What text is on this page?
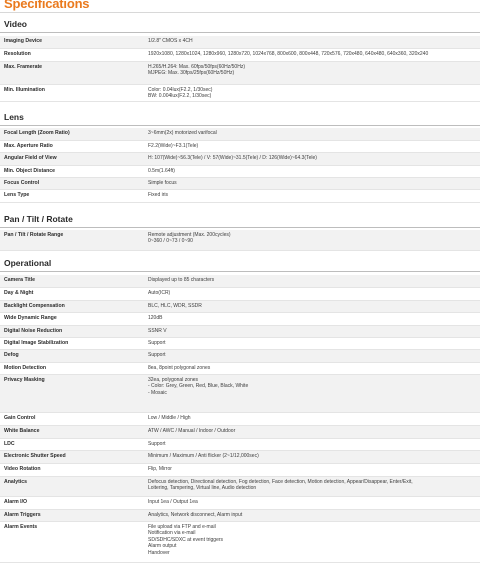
Specifications
Video
Imaging Device	1/2.8" CMOS x 4CH
Resolution	1920x1080, 1280x1024, 1280x960, 1280x720, 1024x768, 800x600, 800x448, 720x576, 720x480, 640x480, 640x360, 320x240
Max. Framerate	H.265/H.264: Max. 60fps/50fps(60Hz/50Hz)
MJPEG: Max. 30fps/25fps(60Hz/50Hz)
Min. Illumination	Color: 0.04lux(F2.2, 1/30sec)
BW: 0.004lux(F2.2, 1/30sec)
Lens
Focal Length (Zoom Ratio)	3~6mm(2x) motorized varifocal
Max. Aperture Ratio	F2.2(Wide)~F3.1(Tele)
Angular Field of View	H: 107(Wide)~56.3(Tele) / V: 57(Wide)~31.5(Tele) / D: 126(Wide)~64.3(Tele)
Min. Object Distance	0.5m(1.64ft)
Focus Control	Simple focus
Lens Type	Fixed iris
Pan / Tilt / Rotate
Pan / Tilt / Rotate Range	Remote adjustment (Max. 200cycles)
0~360 / 0~73 / 0~90
Operational
Camera Title	Displayed up to 85 characters
Day & Night	Auto(ICR)
Backlight Compensation	BLC, HLC, WDR, SSDR
Wide Dynamic Range	120dB
Digital Noise Reduction	SSNR V
Digital Image Stabilization	Support
Defog	Support
Motion Detection	8ea, 8point polygonal zones
Privacy Masking	32ea, polygonal zones
- Color: Grey, Green, Red, Blue, Black, White
- Mosaic
Gain Control	Low / Middle / High
White Balance	ATW / AWC / Manual / Indoor / Outdoor
LDC	Support
Electronic Shutter Speed	Minimum / Maximum / Anti flicker (2~1/12,000sec)
Video Rotation	Flip, Mirror
Analytics	Defocus detection, Directional detection, Fog detection, Face detection, Motion detection, Appear/Disappear, Enter/Exit,
Loitering, Tampering, Virtual line, Audio detection
Alarm I/O	Input 1ea / Output 1ea
Alarm Triggers	Analytics, Network disconnect, Alarm input
Alarm Events	File upload via FTP and e-mail
Notification via e-mail
SD/SDHC/SDXC at event triggers
Alarm output
Handover
